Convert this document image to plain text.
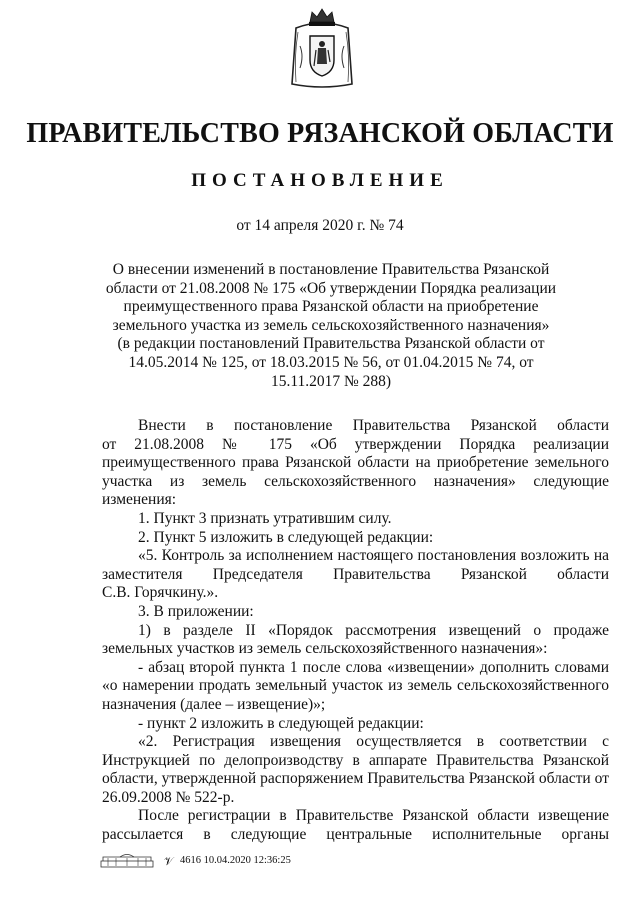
ПРАВИТЕЛЬСТВО РЯЗАНСКОЙ ОБЛАСТИ
ПОСТАНОВЛЕНИЕ
от 14 апреля 2020 г. № 74
О внесении изменений в постановление Правительства Рязанской
области от 21.08.2008 № 175 «Об утверждении Порядка реализации
преимущественного права Рязанской области на приобретение
земельного участка из земель сельскохозяйственного назначения»
(в редакции постановлений Правительства Рязанской области от
14.05.2014 № 125, от 18.03.2015 № 56, от 01.04.2015 № 74, от
15.11.2017 № 288)

Внести в постановление Правительства Рязанской области

от 21.08.2008 № 175 «Об утверждении Порядка реализации

преимущественного права Рязанской области на приобретение земельного

участка из земель сельскохозяйственного назначения» следующие

изменения:

1. Пункт 3 признать утратившим силу.

2. Пункт 5 изложить в следующей редакции:

«5. Контроль за исполнением настоящего постановления возложить на

заместителя Председателя Правительства Рязанской области

С.В. Горячкину.».

3. В приложении:

1) в разделе II «Порядок рассмотрения извещений о продаже

земельных участков из земель сельскохозяйственного назначения»:

- абзац второй пункта 1 после слова «извещении» дополнить словами

«о намерении продать земельный участок из земель сельскохозяйственного

назначения (далее – извещение)»;

- пункт 2 изложить в следующей редакции:

«2. Регистрация извещения осуществляется в соответствии с

Инструкцией по делопроизводству в аппарате Правительства Рязанской

области, утвержденной распоряжением Правительства Рязанской области от

26.09.2008 № 522-р.

После регистрации в Правительстве Рязанской области извещение

рассылается в следующие центральные исполнительные органы

𝒱 4616 10.04.2020 12:36:25
